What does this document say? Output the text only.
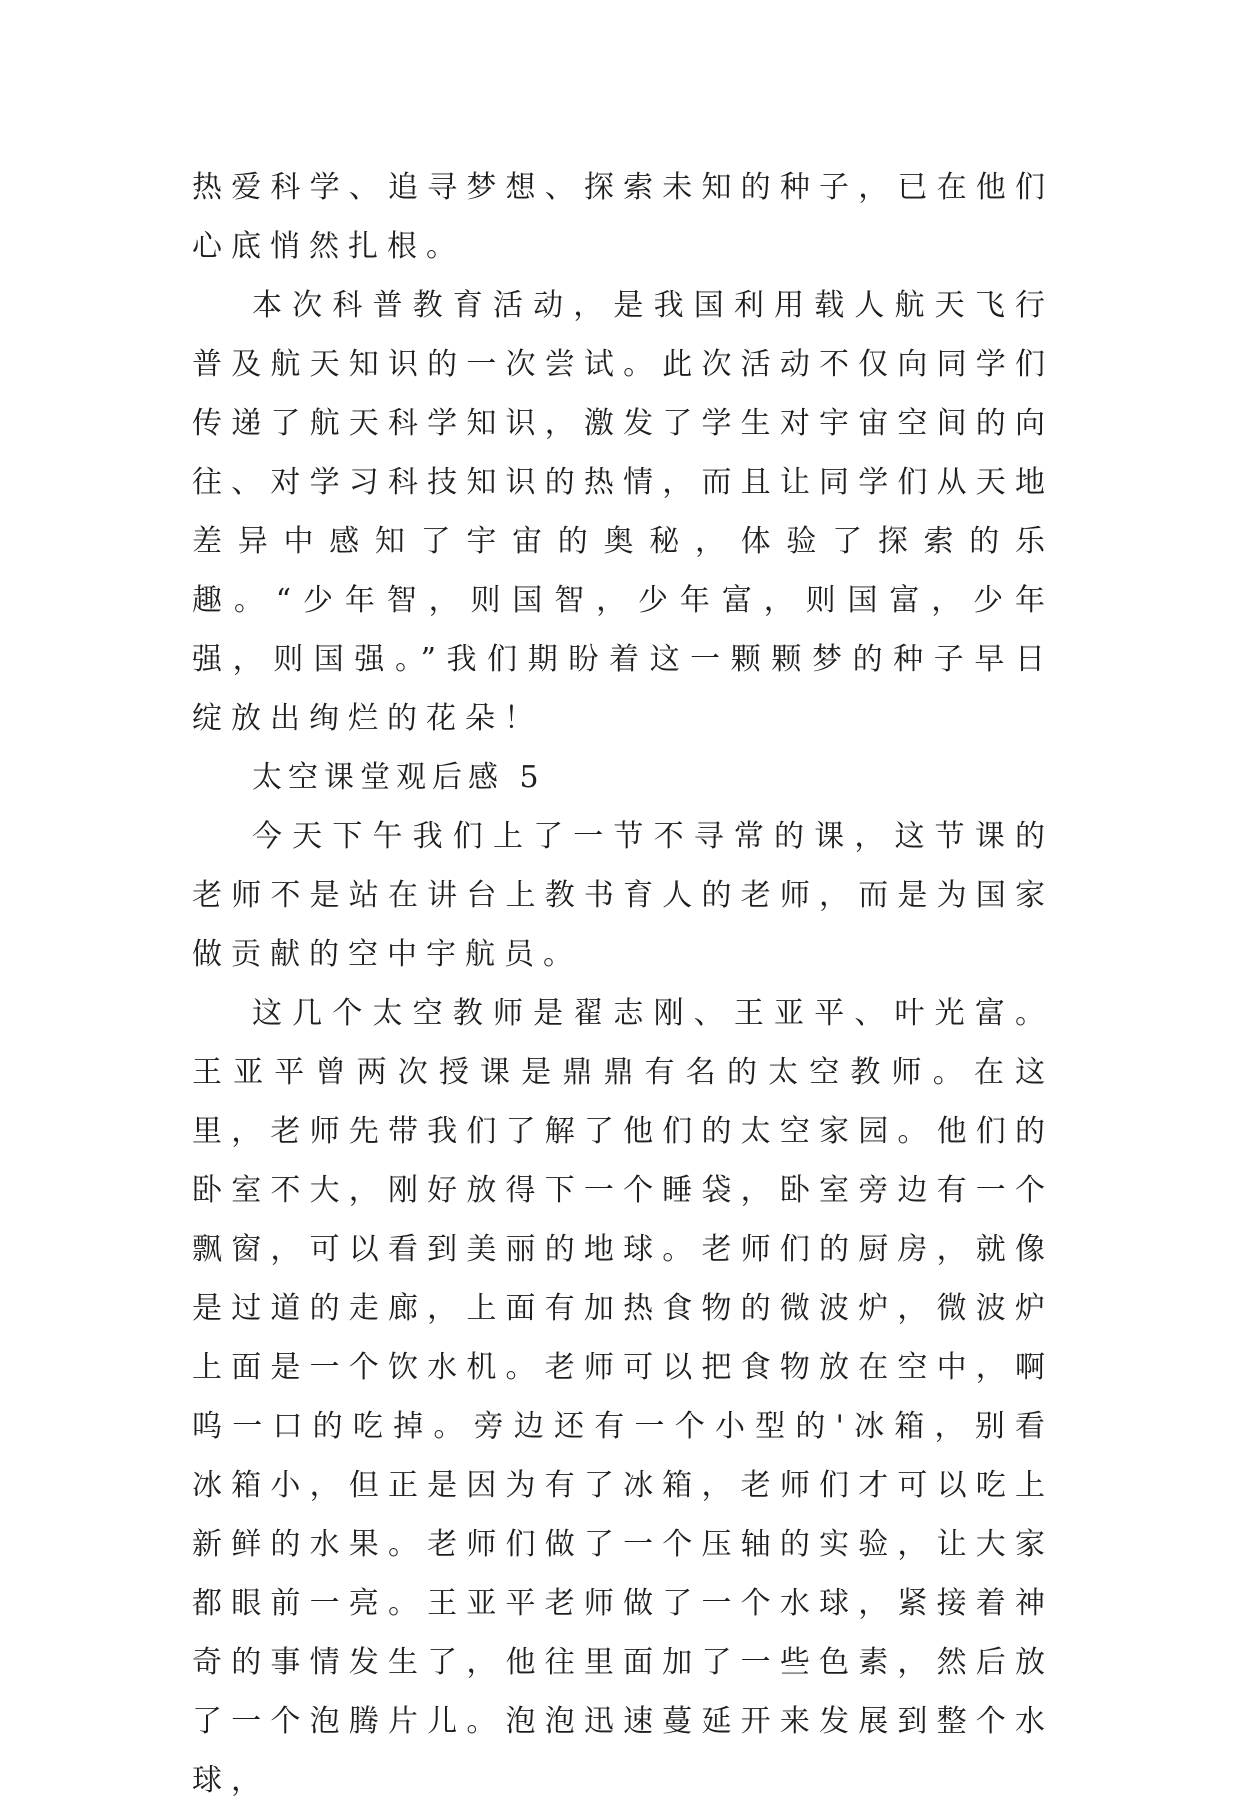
热爱科学、追寻梦想、探索未知的种子，已在他们心底悄然扎根。

本次科普教育活动，是我国利用载人航天飞行普及航天知识的一次尝试。此次活动不仅向同学们传递了航天科学知识，激发了学生对宇宙空间的向往、对学习科技知识的热情，而且让同学们从天地差异中感知了宇宙的奥秘，体验了探索的乐趣。“少年智，则国智，少年富，则国富，少年强，则国强。”我们期盼着这一颗颗梦的种子早日绽放出绚烂的花朵！

太空课堂观后感 5

今天下午我们上了一节不寻常的课，这节课的老师不是站在讲台上教书育人的老师，而是为国家做贡献的空中宇航员。

这几个太空教师是翟志刚、王亚平、叶光富。王亚平曾两次授课是鼎鼎有名的太空教师。在这里，老师先带我们了解了他们的太空家园。他们的卧室不大，刚好放得下一个睡袋，卧室旁边有一个飘窗，可以看到美丽的地球。老师们的厨房，就像是过道的走廊，上面有加热食物的微波炉，微波炉上面是一个饮水机。老师可以把食物放在空中，啊呜一口的吃掉。旁边还有一个小型的'冰箱，别看冰箱小，但正是因为有了冰箱，老师们才可以吃上新鲜的水果。老师们做了一个压轴的实验，让大家都眼前一亮。王亚平老师做了一个水球，紧接着神奇的事情发生了，他往里面加了一些色素，然后放了一个泡腾片儿。泡泡迅速蔓延开来发展到整个水球，
